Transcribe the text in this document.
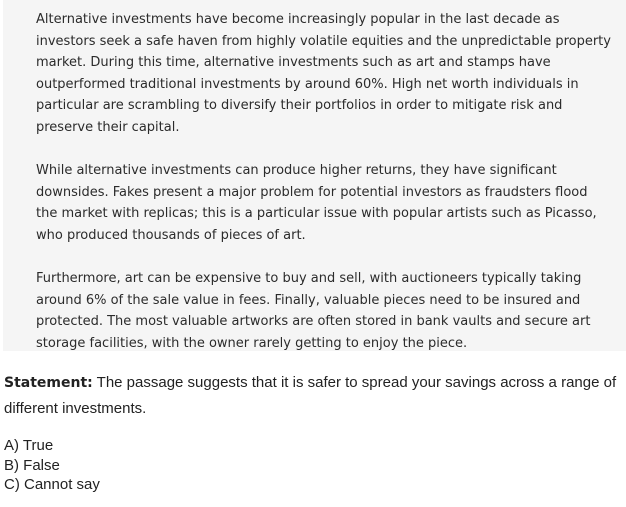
Alternative investments have become increasingly popular in the last decade as investors seek a safe haven from highly volatile equities and the unpredictable property market. During this time, alternative investments such as art and stamps have outperformed traditional investments by around 60%. High net worth individuals in particular are scrambling to diversify their portfolios in order to mitigate risk and preserve their capital.

While alternative investments can produce higher returns, they have significant downsides. Fakes present a major problem for potential investors as fraudsters flood the market with replicas; this is a particular issue with popular artists such as Picasso, who produced thousands of pieces of art.

Furthermore, art can be expensive to buy and sell, with auctioneers typically taking around 6% of the sale value in fees. Finally, valuable pieces need to be insured and protected. The most valuable artworks are often stored in bank vaults and secure art storage facilities, with the owner rarely getting to enjoy the piece.

Statement: The passage suggests that it is safer to spread your savings across a range of different investments.

A) True
B) False
C) Cannot say
